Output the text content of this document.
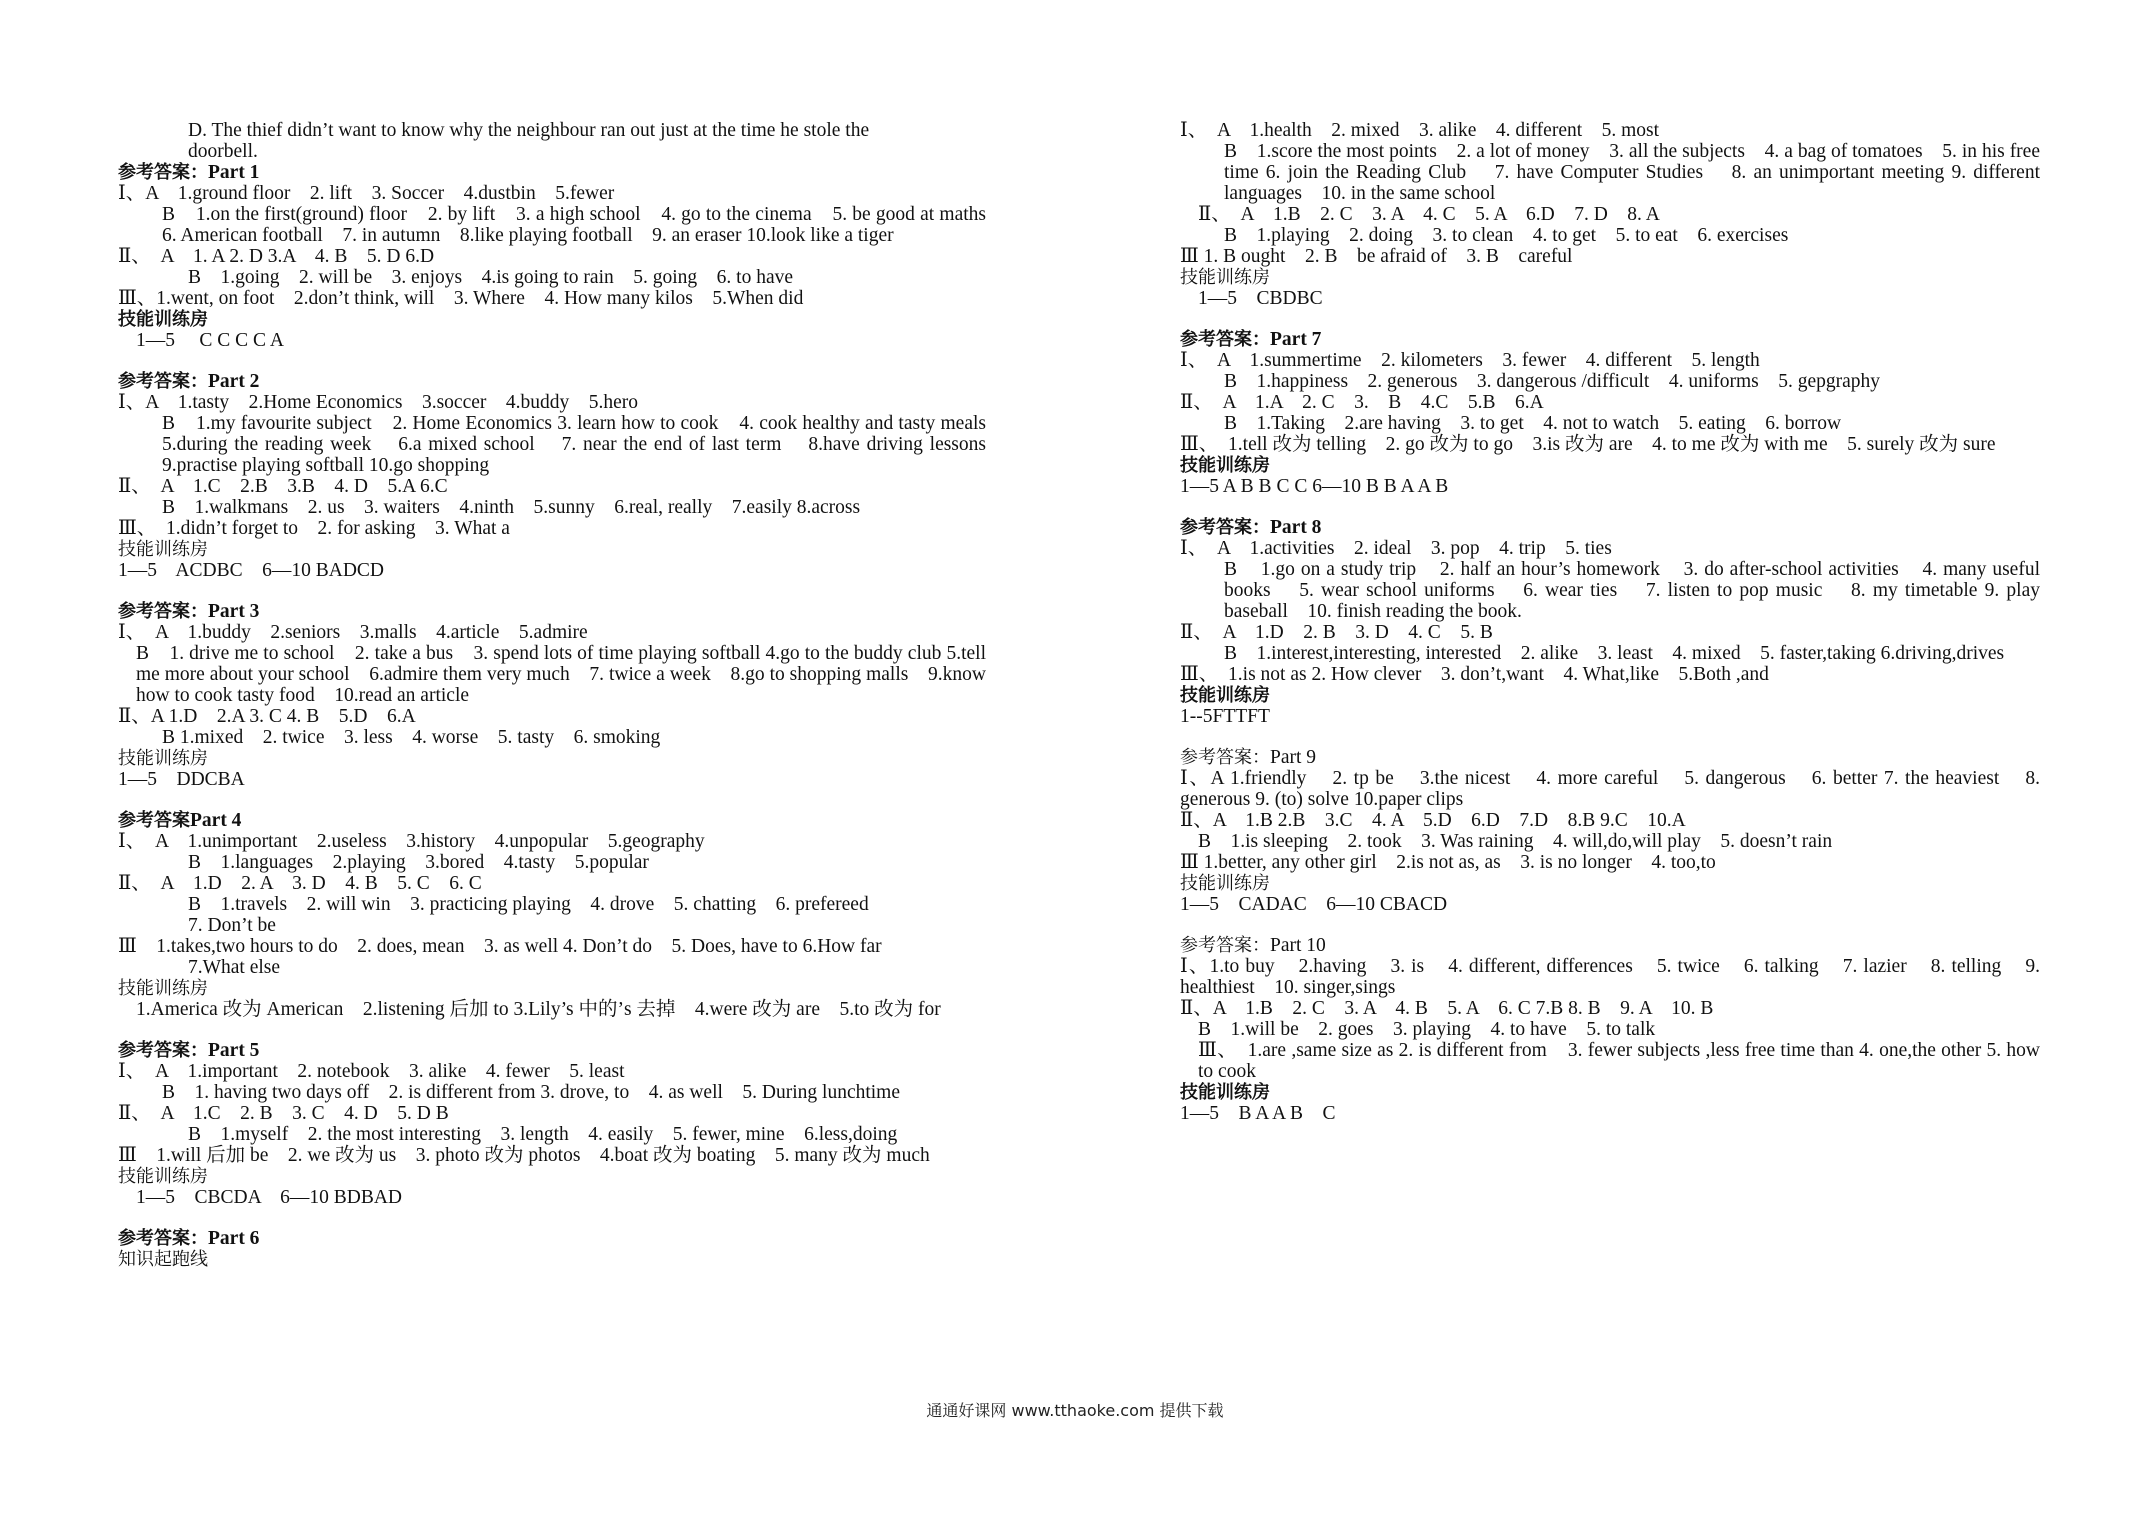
D. The thief didn’t want to know why the neighbour ran out just at the time he stole the
doorbell.
参考答案：Part 1
Ⅰ、A    1.ground floor    2. lift    3. Soccer    4.dustbin    5.fewer
B    1.on the first(ground) floor    2. by lift    3. a high school    4. go to the cinema    5. be good at maths    6. American football    7. in autumn    8.like playing football    9. an eraser 10.look like a tiger
Ⅱ、  A    1. A 2. D 3.A    4. B    5. D 6.D
B    1.going    2. will be    3. enjoys    4.is going to rain    5. going    6. to have
Ⅲ、1.went, on foot    2.don’t think, will    3. Where    4. How many kilos    5.When did
技能训练房
1—5     C C C C A
参考答案：Part 2
Ⅰ、A    1.tasty    2.Home Economics    3.soccer    4.buddy    5.hero
B    1.my favourite subject    2. Home Economics 3. learn how to cook    4. cook healthy and tasty meals    5.during the reading week    6.a mixed school    7. near the end of last term    8.have driving lessons    9.practise playing softball 10.go shopping
Ⅱ、  A    1.C    2.B    3.B    4. D    5.A 6.C
B    1.walkmans    2. us    3. waiters    4.ninth    5.sunny    6.real, really    7.easily 8.across
Ⅲ、  1.didn’t forget to    2. for asking    3. What a
技能训练房
1—5    ACDBC    6—10 BADCD
参考答案：Part 3
Ⅰ、  A    1.buddy    2.seniors    3.malls    4.article    5.admire
B    1. drive me to school    2. take a bus    3. spend lots of time playing softball 4.go to the buddy club 5.tell me more about your school    6.admire them very much    7. twice a week    8.go to shopping malls    9.know how to cook tasty food    10.read an article
Ⅱ、A 1.D    2.A 3. C 4. B    5.D    6.A
B 1.mixed    2. twice    3. less    4. worse    5. tasty    6. smoking
技能训练房
1—5    DDCBA
参考答案Part 4
Ⅰ、  A    1.unimportant    2.useless    3.history    4.unpopular    5.geography
B    1.languages    2.playing    3.bored    4.tasty    5.popular
Ⅱ、  A    1.D    2. A    3. D    4. B    5. C    6. C
B    1.travels    2. will win    3. practicing playing    4. drove    5. chatting    6. prefereed
7. Don’t be
Ⅲ    1.takes,two hours to do    2. does, mean    3. as well 4. Don’t do    5. Does, have to 6.How far
7.What else
技能训练房
1.America 改为 American    2.listening 后加 to 3.Lily’s 中的’s 去掉    4.were 改为 are    5.to 改为 for
参考答案：Part 5
Ⅰ、  A    1.important    2. notebook    3. alike    4. fewer    5. least
B    1. having two days off    2. is different from 3. drove, to    4. as well    5. During lunchtime
Ⅱ、  A    1.C    2. B    3. C    4. D    5. D B
B    1.myself    2. the most interesting    3. length    4. easily    5. fewer, mine    6.less,doing
Ⅲ    1.will 后加 be    2. we 改为 us    3. photo 改为 photos    4.boat 改为 boating    5. many 改为 much
技能训练房
1—5    CBCDA    6—10 BDBAD
参考答案：Part 6
知识起跑线
Ⅰ、  A    1.health    2. mixed    3. alike    4. different    5. most
B    1.score the most points    2. a lot of money    3. all the subjects    4. a bag of tomatoes    5. in his free time 6. join the Reading Club    7. have Computer Studies    8. an unimportant meeting 9. different languages    10. in the same school
Ⅱ、  A    1.B    2. C    3. A    4. C    5. A    6.D    7. D    8. A
B    1.playing    2. doing    3. to clean    4. to get    5. to eat    6. exercises
Ⅲ 1. B ought    2. B    be afraid of    3. B    careful
技能训练房
1—5    CBDBC
参考答案：Part 7
Ⅰ、  A    1.summertime    2. kilometers    3. fewer    4. different    5. length
B    1.happiness    2. generous    3. dangerous /difficult    4. uniforms    5. gepgraphy
Ⅱ、  A    1.A    2. C    3.    B    4.C    5.B    6.A
B    1.Taking    2.are having    3. to get    4. not to watch    5. eating    6. borrow
Ⅲ、  1.tell 改为 telling    2. go 改为 to go    3.is 改为 are    4. to me 改为 with me    5. surely 改为 sure
技能训练房
1—5 A B B C C 6—10 B B A A B
参考答案：Part 8
Ⅰ、  A    1.activities    2. ideal    3. pop    4. trip    5. ties
B    1.go on a study trip    2. half an hour’s homework    3. do after-school activities    4. many useful books    5. wear school uniforms    6. wear ties    7. listen to pop music    8. my timetable 9. play baseball    10. finish reading the book.
Ⅱ、  A    1.D    2. B    3. D    4. C    5. B
B    1.interest,interesting, interested    2. alike    3. least    4. mixed    5. faster,taking 6.driving,drives
Ⅲ、  1.is not as 2. How clever    3. don’t,want    4. What,like    5.Both ,and
技能训练房
1--5FTTFT
参考答案：Part 9
Ⅰ、A 1.friendly    2. tp be    3.the nicest    4. more careful    5. dangerous    6. better 7. the heaviest    8. generous 9. (to) solve 10.paper clips
Ⅱ、A    1.B 2.B    3.C    4. A    5.D    6.D    7.D    8.B 9.C    10.A
B    1.is sleeping    2. took    3. Was raining    4. will,do,will play    5. doesn’t rain
Ⅲ 1.better, any other girl    2.is not as, as    3. is no longer    4. too,to
技能训练房
1—5    CADAC    6—10 CBACD
参考答案：Part 10
Ⅰ、1.to buy    2.having    3. is    4. different, differences    5. twice    6. talking    7. lazier    8. telling    9. healthiest    10. singer,sings
Ⅱ、A    1.B    2. C    3. A    4. B    5. A    6. C 7.B 8. B    9. A    10. B
B    1.will be    2. goes    3. playing    4. to have    5. to talk
Ⅲ、  1.are ,same size as 2. is different from    3. fewer subjects ,less free time than 4. one,the other 5. how to cook
技能训练房
1—5    B A A B    C
通通好课网 www.tthaoke.com 提供下载
